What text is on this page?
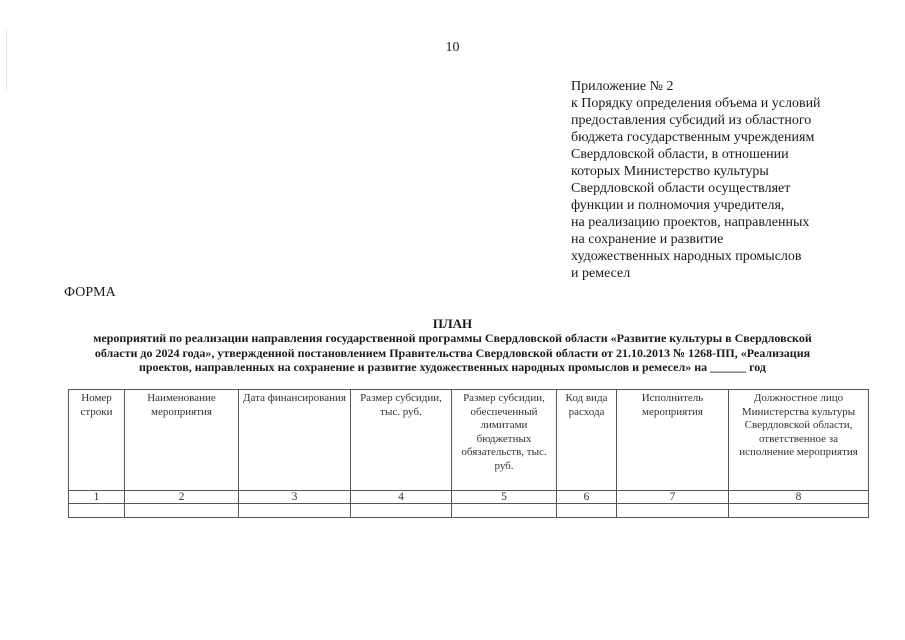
10
Приложение № 2
к Порядку определения объема и условий
предоставления субсидий из областного
бюджета государственным учреждениям
Свердловской области, в отношении
которых Министерство культуры
Свердловской области осуществляет
функции и полномочия учредителя,
на реализацию проектов, направленных
на сохранение и развитие
художественных народных промыслов
и ремесел
ФОРМА
ПЛАН
мероприятий по реализации направления государственной программы Свердловской области «Развитие культуры в Свердловской
области до 2024 года», утвержденной постановлением Правительства Свердловской области от 21.10.2013 № 1268-ПП, «Реализация
проектов, направленных на сохранение и развитие художественных народных промыслов и ремесел» на ______ год
Номер строки	Наименование мероприятия	Дата финансирования	Размер субсидии, тыс. руб.	Размер субсидии, обеспеченный лимитами бюджетных обязательств, тыс. руб.	Код вида расхода	Исполнитель мероприятия	Должностное лицо Министерства культуры Свердловской области, ответственное за исполнение мероприятия
1	2	3	4	5	6	7	8
